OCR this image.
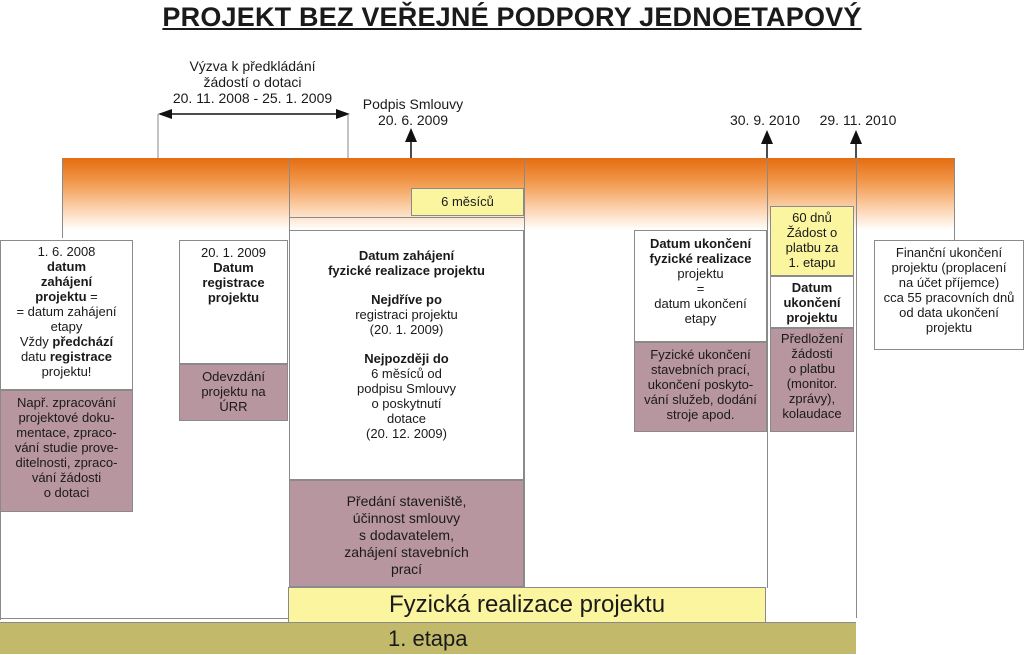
PROJEKT BEZ VEŘEJNÉ PODPORY JEDNOETAPOVÝ
Výzva k předkládání
žádostí o dotaci
20. 11. 2008 - 25. 1. 2009	Podpis Smlouvy
20. 6. 2009	30. 9. 2010	29. 11. 2010
6 měsíců
1. 6. 2008
datum
zahájení
projektu =
= datum zahájení
etapy
Vždy předchází
datu registrace
projektu!
Např. zpracování
projektové doku-
mentace, zpraco-
vání studie prove-
ditelnosti, zpraco-
vání žádosti
o dotaci
20. 1. 2009
Datum
registrace
projektu
Odevzdání
projektu na
ÚRR
Datum zahájení
fyzické realizace projektu
Nejdříve po
registraci projektu
(20. 1. 2009)
Nejpozději do
6 měsíců od
podpisu Smlouvy
o poskytnutí
dotace
(20. 12. 2009)
Předání staveniště,
účinnost smlouvy
s dodavatelem,
zahájení stavebních
prací
Datum ukončení
fyzické realizace
projektu
=
datum ukončení
etapy
Fyzické ukončení
stavebních prací,
ukončení poskyto-
vání služeb, dodání
stroje apod.
60 dnů
Žádost o
platbu za
1. etapu
Datum
ukončení
projektu
Předložení
žádosti
o platbu
(monitor.
zprávy),
kolaudace
Finanční ukončení
projektu (proplacení
na účet příjemce)
cca 55 pracovních dnů
od data ukončení
projektu
Fyzická realizace projektu
1. etapa
